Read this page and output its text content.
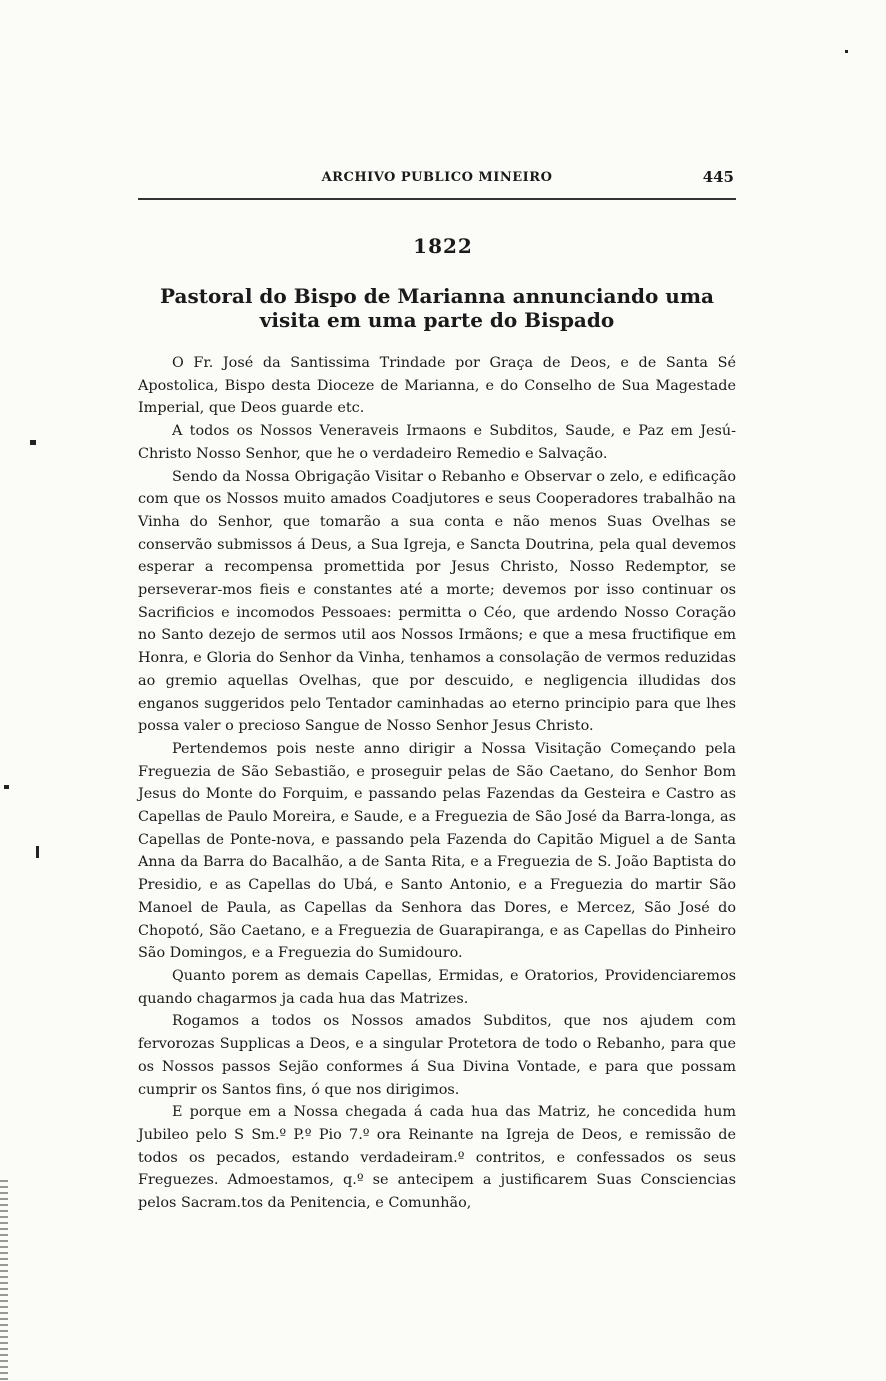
ARCHIVO PUBLICO MINEIRO	445
1822
Pastoral do Bispo de Marianna annunciando uma visita em uma parte do Bispado

O Fr. José da Santissima Trindade por Graça de Deos, e de Santa Sé Apostolica, Bispo desta Dioceze de Marianna, e do Conselho de Sua Magestade Imperial, que Deos guarde etc.

A todos os Nossos Veneraveis Irmaons e Subditos, Saude, e Paz em Jesú-Christo Nosso Senhor, que he o verdadeiro Remedio e Salvação.

Sendo da Nossa Obrigação Visitar o Rebanho e Observar o zelo, e edificação com que os Nossos muito amados Coadjutores e seus Cooperadores trabalhão na Vinha do Senhor, que tomarão a sua conta e não menos Suas Ovelhas se conservão submissos á Deus, a Sua Igreja, e Sancta Doutrina, pela qual devemos esperar a recompensa promettida por Jesus Christo, Nosso Redemptor, se perseverar-mos fieis e constantes até a morte; devemos por isso continuar os Sacrificios e incomodos Pessoaes: permitta o Céo, que ardendo Nosso Coração no Santo dezejo de sermos util aos Nossos Irmãons; e que a mesa fructifique em Honra, e Gloria do Senhor da Vinha, tenhamos a consolação de vermos reduzidas ao gremio aquellas Ovelhas, que por descuido, e negligencia illudidas dos enganos suggeridos pelo Tentador caminhadas ao eterno principio para que lhes possa valer o precioso Sangue de Nosso Senhor Jesus Christo.

Pertendemos pois neste anno dirigir a Nossa Visitação Começando pela Freguezia de São Sebastião, e proseguir pelas de São Caetano, do Senhor Bom Jesus do Monte do Forquim, e passando pelas Fazendas da Gesteira e Castro as Capellas de Paulo Moreira, e Saude, e a Freguezia de São José da Barra-longa, as Capellas de Ponte-nova, e passando pela Fazenda do Capitão Miguel a de Santa Anna da Barra do Bacalhão, a de Santa Rita, e a Freguezia de S. João Baptista do Presidio, e as Capellas do Ubá, e Santo Antonio, e a Freguezia do martir São Manoel de Paula, as Capellas da Senhora das Dores, e Mercez, São José do Chopotó, São Caetano, e a Freguezia de Guarapiranga, e as Capellas do Pinheiro São Domingos, e a Freguezia do Sumidouro.

Quanto porem as demais Capellas, Ermidas, e Oratorios, Providenciaremos quando chagarmos ja cada hua das Matrizes.

Rogamos a todos os Nossos amados Subditos, que nos ajudem com fervorozas Supplicas a Deos, e a singular Protetora de todo o Rebanho, para que os Nossos passos Sejão conformes á Sua Divina Vontade, e para que possam cumprir os Santos fins, ó que nos dirigimos.

E porque em a Nossa chegada á cada hua das Matriz, he concedida hum Jubileo pelo S Sm.º P.º Pio 7.º ora Reinante na Igreja de Deos, e remissão de todos os pecados, estando verdadeiram.º contritos, e confessados os seus Freguezes. Admoestamos, q.º se antecipem a justificarem Suas Consciencias pelos Sacram.tos da Penitencia, e Comunhão,
